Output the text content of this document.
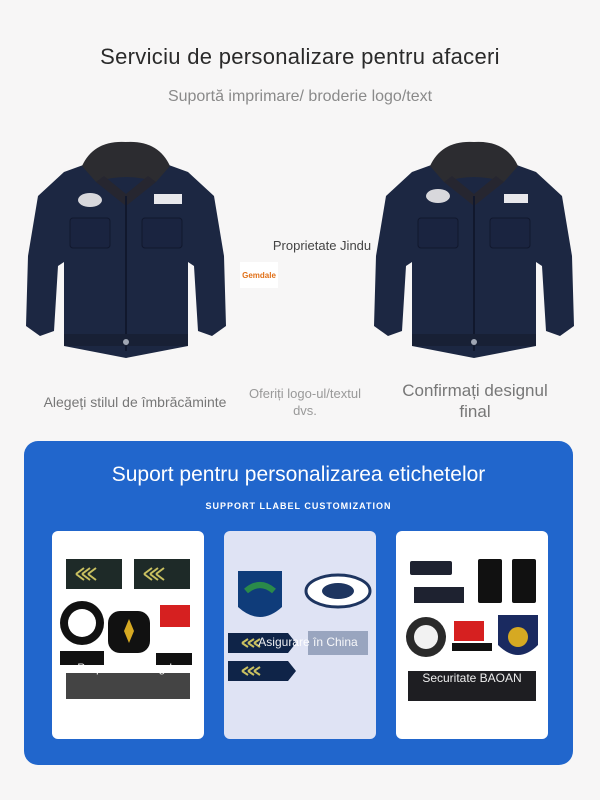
Serviciu de personalizare pentru afaceri
Suportă imprimare/ broderie logo/text
Proprietate Jindu
Gemdale
Alegeți stilul de îmbrăcăminte
Oferiți logo-ul/textul dvs.
Confirmați designul final
Suport pentru personalizarea etichetelor
SUPPORT LLABEL CUSTOMIZATION
Proprietate Mingde
Asigurare în China
Securitate BAOAN
